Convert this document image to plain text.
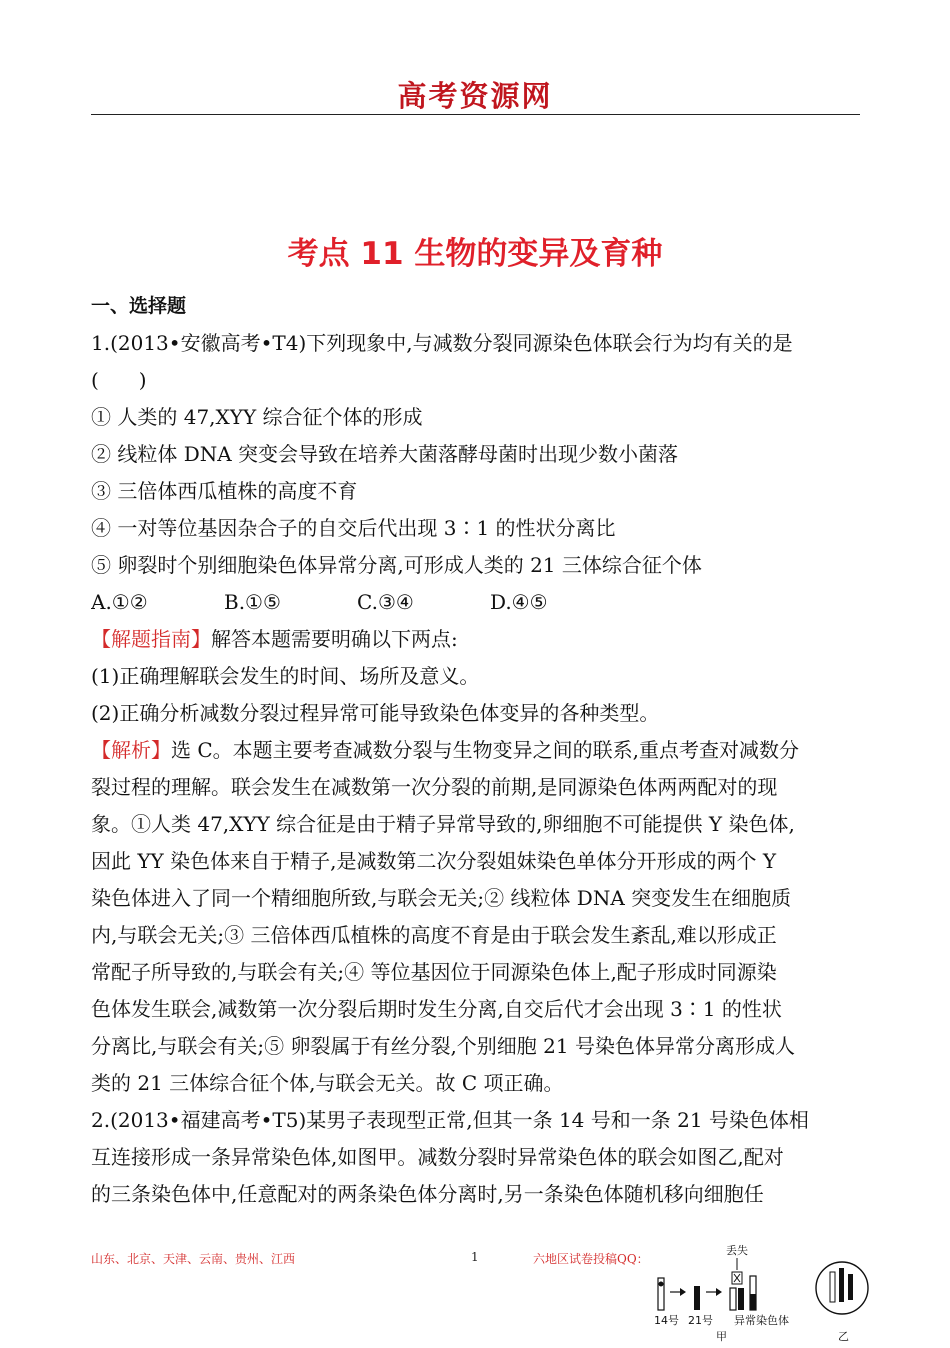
高考资源网
考点 11 生物的变异及育种
一、选择题
1.(2013•安徽高考•T4)下列现象中,与减数分裂同源染色体联会行为均有关的是
(　　)
① 人类的 47,XYY 综合征个体的形成
② 线粒体 DNA 突变会导致在培养大菌落酵母菌时出现少数小菌落
③ 三倍体西瓜植株的高度不育
④ 一对等位基因杂合子的自交后代出现 3∶1 的性状分离比
⑤ 卵裂时个别细胞染色体异常分离,可形成人类的 21 三体综合征个体
A.①②	B.①⑤	C.③④	D.④⑤
【解题指南】解答本题需要明确以下两点:
(1)正确理解联会发生的时间、场所及意义。
(2)正确分析减数分裂过程异常可能导致染色体变异的各种类型。
【解析】选 C。本题主要考查减数分裂与生物变异之间的联系,重点考查对减数分
裂过程的理解。联会发生在减数第一次分裂的前期,是同源染色体两两配对的现
象。①人类 47,XYY 综合征是由于精子异常导致的,卵细胞不可能提供 Y 染色体,
因此 YY 染色体来自于精子,是减数第二次分裂姐妹染色单体分开形成的两个 Y
染色体进入了同一个精细胞所致,与联会无关;② 线粒体 DNA 突变发生在细胞质
内,与联会无关;③ 三倍体西瓜植株的高度不育是由于联会发生紊乱,难以形成正
常配子所导致的,与联会有关;④ 等位基因位于同源染色体上,配子形成时同源染
色体发生联会,减数第一次分裂后期时发生分离,自交后代才会出现 3∶1 的性状
分离比,与联会有关;⑤ 卵裂属于有丝分裂,个别细胞 21 号染色体异常分离形成人
类的 21 三体综合征个体,与联会无关。故 C 项正确。
2.(2013•福建高考•T5)某男子表现型正常,但其一条 14 号和一条 21 号染色体相
互连接形成一条异常染色体,如图甲。减数分裂时异常染色体的联会如图乙,配对
的三条染色体中,任意配对的两条染色体分离时,另一条染色体随机移向细胞任
山东、北京、天津、云南、贵州、江西	1	六地区试卷投稿QQ：
丢失
14号 21号 异常染色体
甲	乙
